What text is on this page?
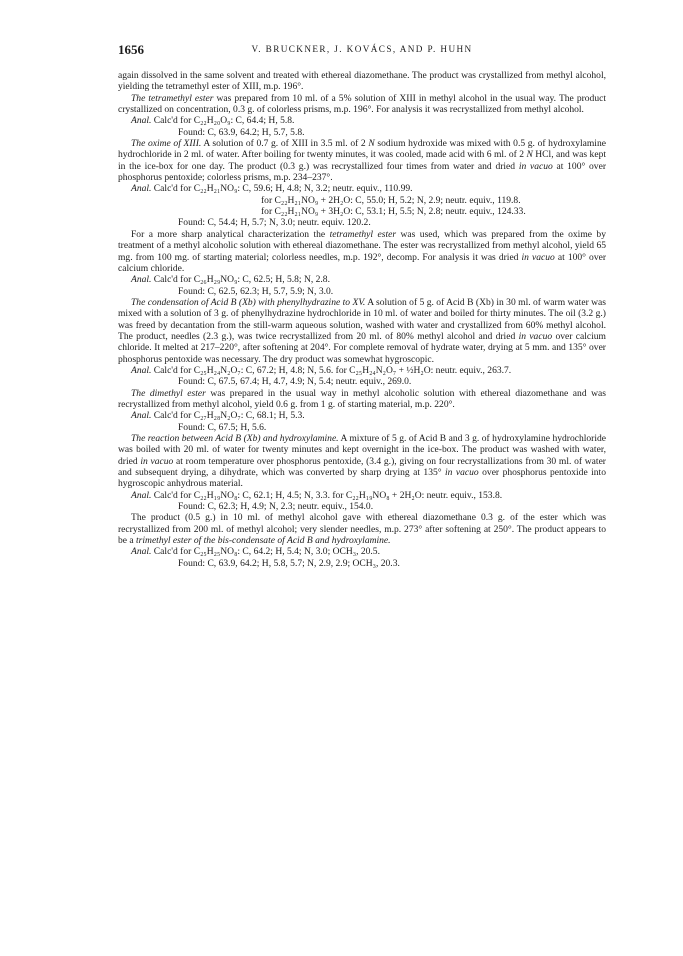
1656	V. BRUCKNER, J. KOVÁCS, AND P. HUHN

again dissolved in the same solvent and treated with ethereal diazomethane. The product was crystallized from methyl alcohol, yielding the tetramethyl ester of XIII, m.p. 196°.

The tetramethyl ester was prepared from 10 ml. of a 5% solution of XIII in methyl alcohol in the usual way. The product crystallized on concentration, 0.3 g. of colorless prisms, m.p. 196°. For analysis it was recrystallized from methyl alcohol.

Anal. Calc'd for C₂₂H₂₀O₉: C, 64.4; H, 5.8.

Found: C, 63.9, 64.2; H, 5.7, 5.8.

The oxime of XIII. A solution of 0.7 g. of XIII in 3.5 ml. of 2 N sodium hydroxide was mixed with 0.5 g. of hydroxylamine hydrochloride in 2 ml. of water. After boiling for twenty minutes, it was cooled, made acid with 6 ml. of 2 N HCl, and was kept in the ice-box for one day. The product (0.3 g.) was recrystallized four times from water and dried in vacuo at 100° over phosphorus pentoxide; colorless prisms, m.p. 234–237°.

Anal. Calc'd for C₂₂H₂₁NO₉: C, 59.6; H, 4.8; N, 3.2; neutr. equiv., 110.99.

for C₂₂H₂₁NO₉ + 2H₂O: C, 55.0; H, 5.2; N, 2.9; neutr. equiv., 119.8.

for C₂₂H₂₁NO₉ + 3H₂O: C, 53.1; H, 5.5; N, 2.8; neutr. equiv., 124.33.

Found: C, 54.4; H, 5.7; N, 3.0; neutr. equiv. 120.2.

For a more sharp analytical characterization the tetramethyl ester was used, which was prepared from the oxime by treatment of a methyl alcoholic solution with ethereal diazomethane. The ester was recrystallized from methyl alcohol, yield 65 mg. from 100 mg. of starting material; colorless needles, m.p. 192°, decomp. For analysis it was dried in vacuo at 100° over calcium chloride.

Anal. Calc'd for C₂₆H₂₉NO₉: C, 62.5; H, 5.8; N, 2.8.

Found: C, 62.5, 62.3; H, 5.7, 5.9; N, 3.0.

The condensation of Acid B (Xb) with phenylhydrazine to XV. A solution of 5 g. of Acid B (Xb) in 30 ml. of warm water was mixed with a solution of 3 g. of phenylhydrazine hydrochloride in 10 ml. of water and boiled for thirty minutes. The oil (3.2 g.) was freed by decantation from the still-warm aqueous solution, washed with water and crystallized from 60% methyl alcohol. The product, needles (2.3 g.), was twice recrystallized from 20 ml. of 80% methyl alcohol and dried in vacuo over calcium chloride. It melted at 217–220°, after softening at 204°. For complete removal of hydrate water, drying at 5 mm. and 135° over phosphorus pentoxide was necessary. The dry product was somewhat hygroscopic.

Anal. Calc'd for C₂₅H₂₄N₂O₇: C, 67.2; H, 4.8; N, 5.6. for C₂₅H₂₄N₂O₇ + ½H₂O: neutr. equiv., 263.7.

Found: C, 67.5, 67.4; H, 4.7, 4.9; N, 5.4; neutr. equiv., 269.0.

The dimethyl ester was prepared in the usual way in methyl alcoholic solution with ethereal diazomethane and was recrystallized from methyl alcohol, yield 0.6 g. from 1 g. of starting material, m.p. 220°.

Anal. Calc'd for C₂₇H₂₈N₂O₇: C, 68.1; H, 5.3.

Found: C, 67.5; H, 5.6.

The reaction between Acid B (Xb) and hydroxylamine. A mixture of 5 g. of Acid B and 3 g. of hydroxylamine hydrochloride was boiled with 20 ml. of water for twenty minutes and kept overnight in the ice-box. The product was washed with water, dried in vacuo at room temperature over phosphorus pentoxide, (3.4 g.), giving on four recrystallizations from 30 ml. of water and subsequent drying, a dihydrate, which was converted by sharp drying at 135° in vacuo over phosphorus pentoxide into hygroscopic anhydrous material.

Anal. Calc'd for C₂₂H₁₉NO₈: C, 62.1; H, 4.5; N, 3.3. for C₂₂H₁₉NO₈ + 2H₂O: neutr. equiv., 153.8.

Found: C, 62.3; H, 4.9; N, 2.3; neutr. equiv., 154.0.

The product (0.5 g.) in 10 ml. of methyl alcohol gave with ethereal diazomethane 0.3 g. of the ester which was recrystallized from 200 ml. of methyl alcohol; very slender needles, m.p. 273° after softening at 250°. The product appears to be a trimethyl ester of the bis-condensate of Acid B and hydroxylamine.

Anal. Calc'd for C₂₅H₂₅NO₈: C, 64.2; H, 5.4; N, 3.0; OCH₃, 20.5.

Found: C, 63.9, 64.2; H, 5.8, 5.7; N, 2.9, 2.9; OCH₃, 20.3.
